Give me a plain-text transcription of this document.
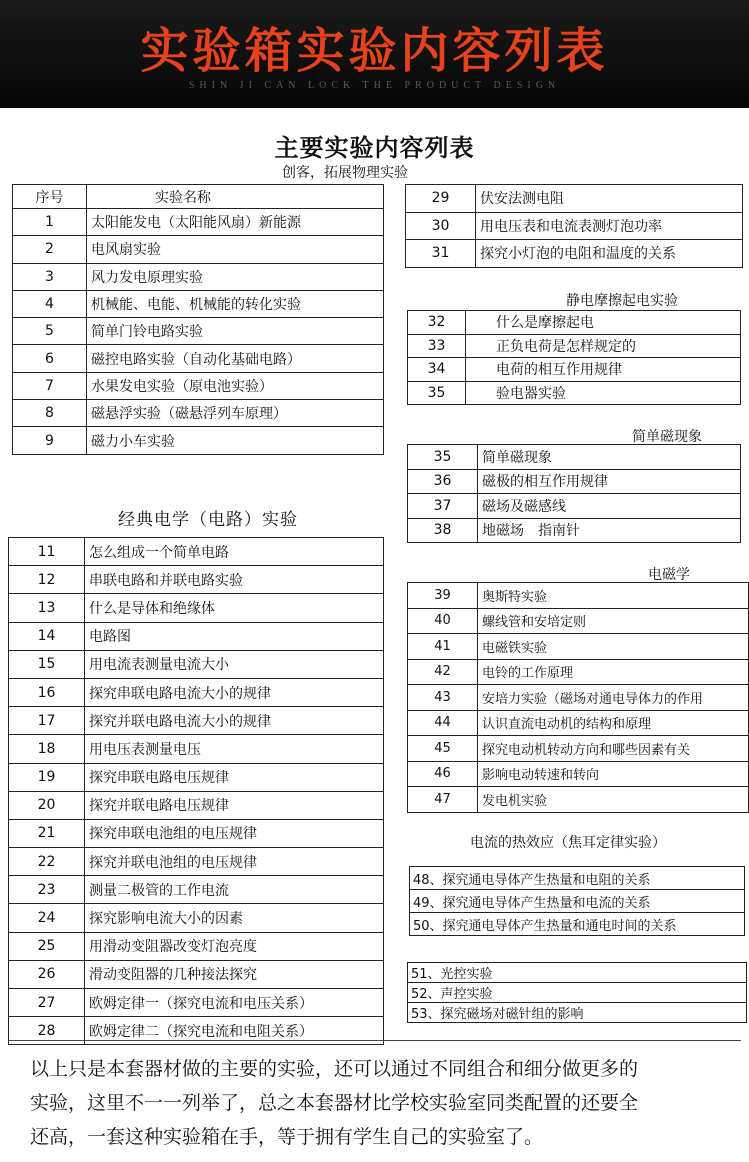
实验箱实验内容列表
SHIN JI CAN LOCK THE PRODUCT DESIGN
主要实验内容列表
创客，拓展物理实验
序号	实验名称
1	太阳能发电（太阳能风扇）新能源
2	电风扇实验
3	风力发电原理实验
4	机械能、电能、机械能的转化实验
5	简单门铃电路实验
6	磁控电路实验（自动化基础电路）
7	水果发电实验（原电池实验）
8	磁悬浮实验（磁悬浮列车原理）
9	磁力小车实验
经典电学（电路）实验
11	怎么组成一个简单电路
12	串联电路和并联电路实验
13	什么是导体和绝缘体
14	电路图
15	用电流表测量电流大小
16	探究串联电路电流大小的规律
17	探究并联电路电流大小的规律
18	用电压表测量电压
19	探究串联电路电压规律
20	探究并联电路电压规律
21	探究串联电池组的电压规律
22	探究并联电池组的电压规律
23	测量二极管的工作电流
24	探究影响电流大小的因素
25	用滑动变阻器改变灯泡亮度
26	滑动变阻器的几种接法探究
27	欧姆定律一（探究电流和电压关系）
28	欧姆定律二（探究电流和电阻关系）
29	伏安法测电阻
30	用电压表和电流表测灯泡功率
31	探究小灯泡的电阻和温度的关系
静电摩擦起电实验
32	什么是摩擦起电
33	正负电荷是怎样规定的
34	电荷的相互作用规律
35	验电器实验
简单磁现象
35	简单磁现象
36	磁极的相互作用规律
37	磁场及磁感线
38	地磁场　指南针
电磁学
39	奥斯特实验
40	螺线管和安培定则
41	电磁铁实验
42	电铃的工作原理
43	安培力实验（磁场对通电导体力的作用
44	认识直流电动机的结构和原理
45	探究电动机转动方向和哪些因素有关
46	影响电动转速和转向
47	发电机实验
电流的热效应（焦耳定律实验）
48、探究通电导体产生热量和电阻的关系
49、探究通电导体产生热量和电流的关系
50、探究通电导体产生热量和通电时间的关系
51、光控实验
52、声控实验
53、探究磁场对磁针组的影响
以上只是本套器材做的主要的实验，还可以通过不同组合和细分做更多的
实验，这里不一一列举了，总之本套器材比学校实验室同类配置的还要全
还高，一套这种实验箱在手，等于拥有学生自己的实验室了。
